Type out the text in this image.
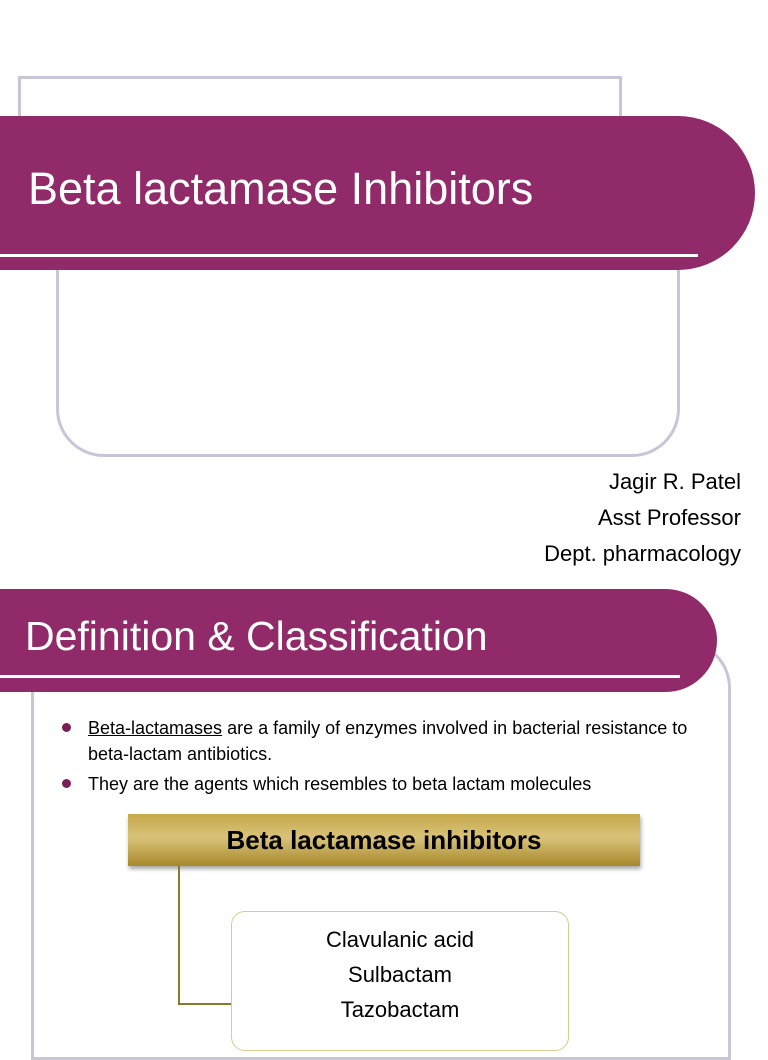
Beta lactamase Inhibitors
Jagir R. Patel
Asst Professor
Dept. pharmacology
Definition & Classification
Beta-lactamases are a family of enzymes involved in bacterial resistance to beta-lactam antibiotics.
They are the agents which resembles to beta lactam molecules
Beta lactamase inhibitors
Clavulanic acid
Sulbactam
Tazobactam
